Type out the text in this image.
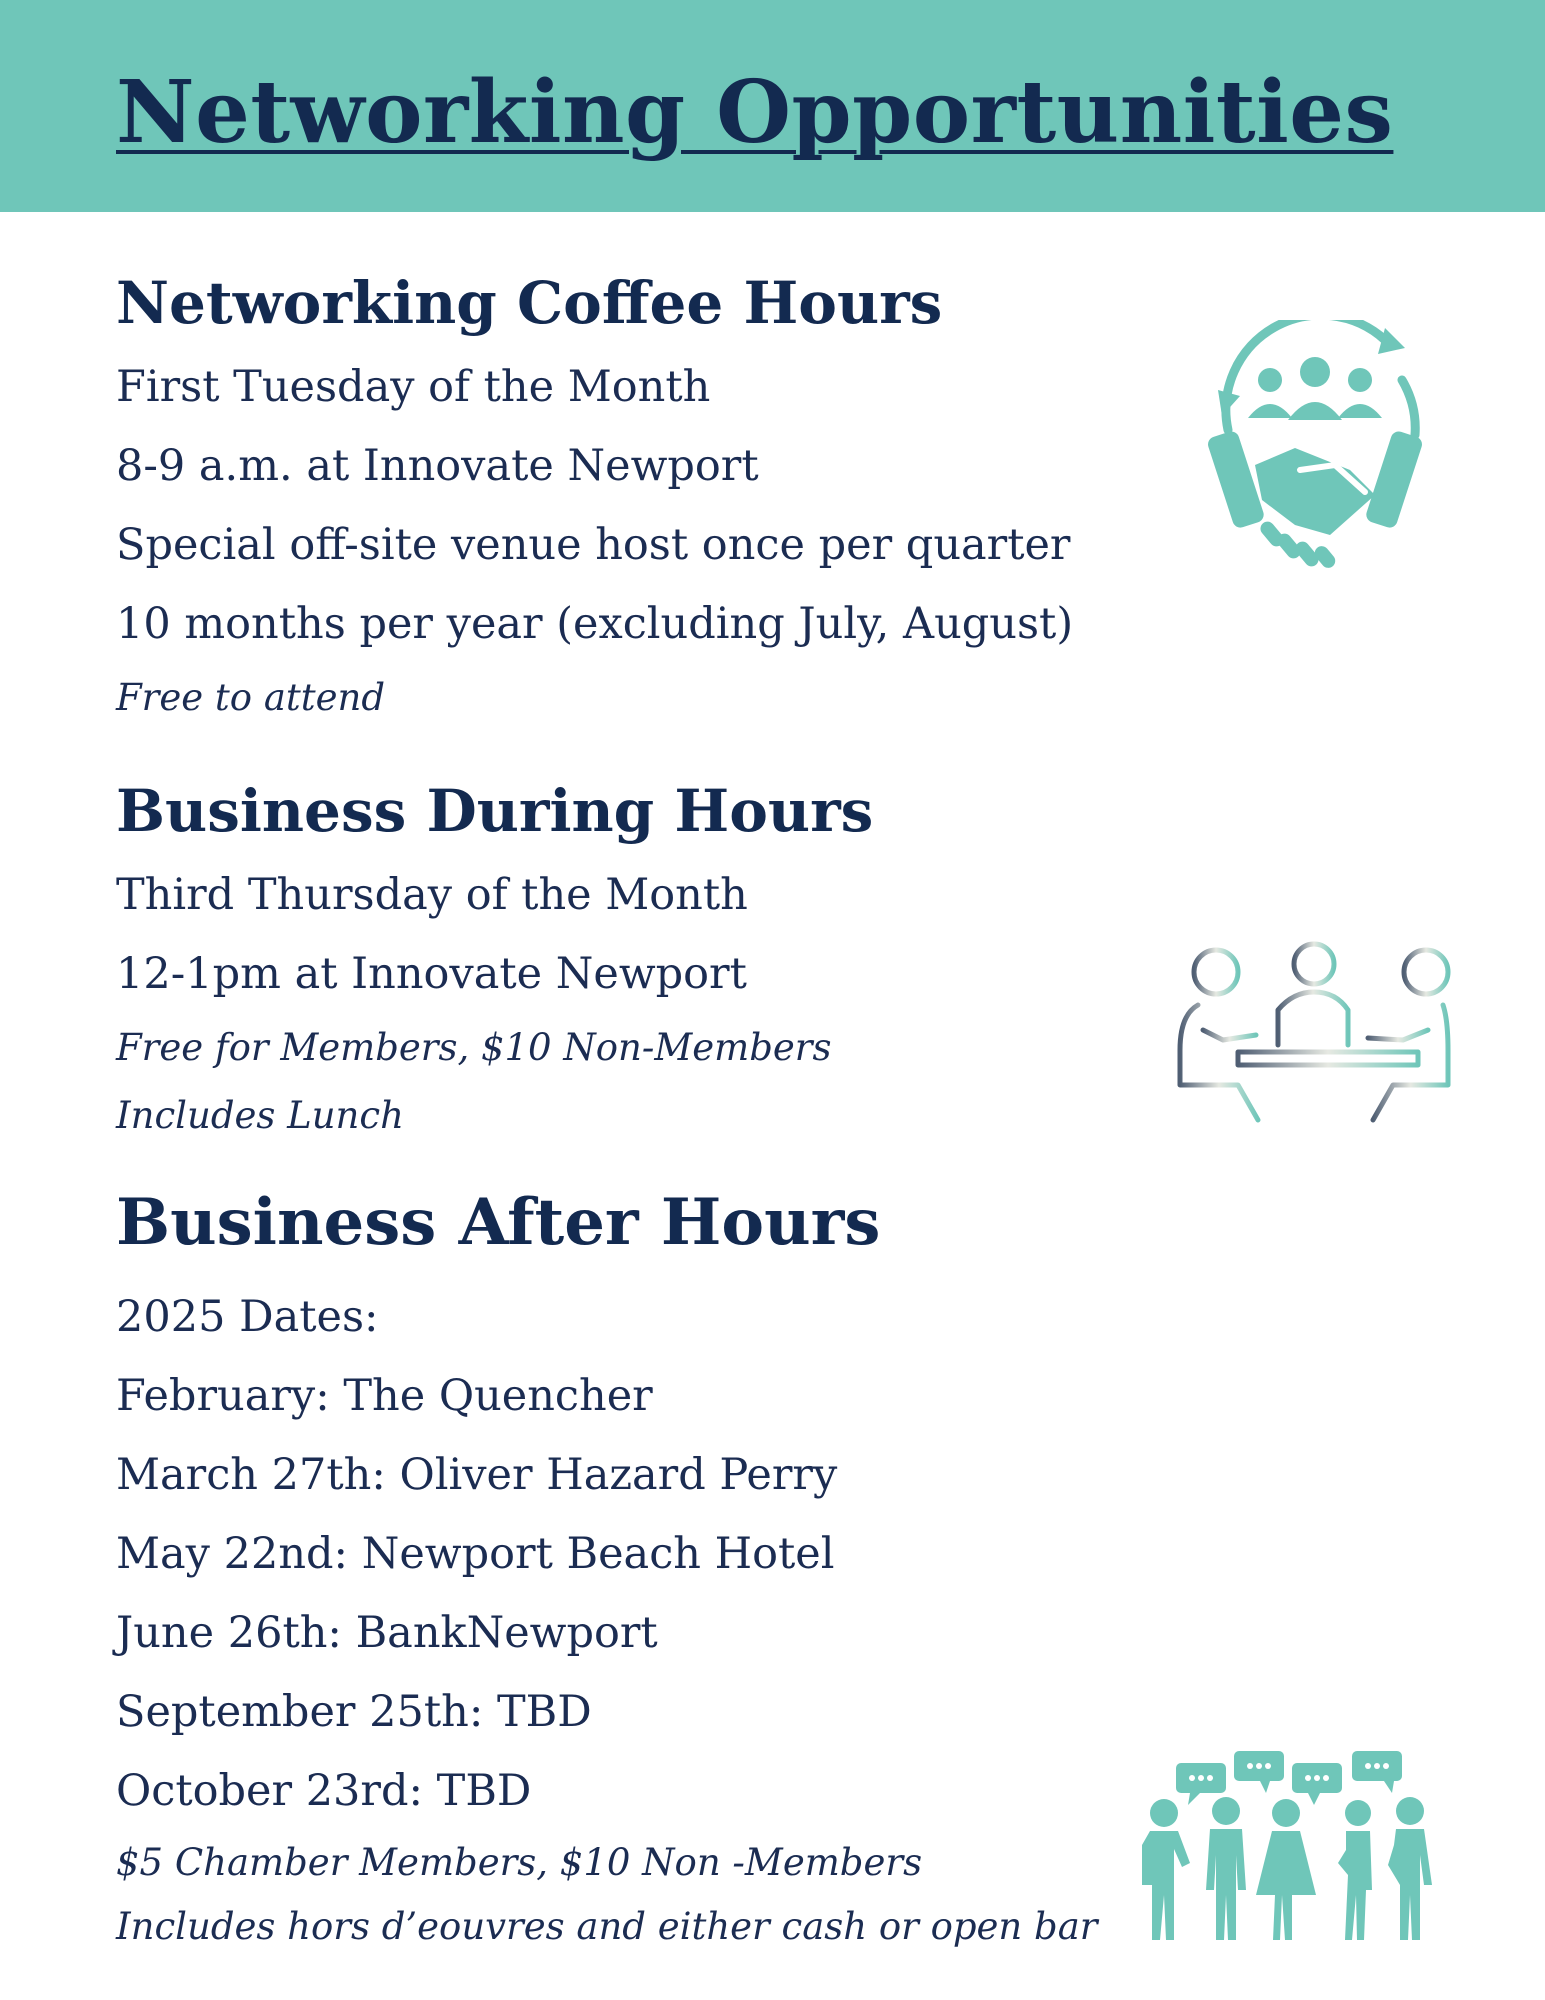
Networking Opportunities
Networking Coffee Hours
First Tuesday of the Month
8-9 a.m. at Innovate Newport
Special off-site venue host once per quarter
10 months per year (excluding July, August)
Free to attend
Business During Hours
Third Thursday of the Month
12-1pm at Innovate Newport
Free for Members, $10 Non-Members
Includes Lunch
Business After Hours
2025 Dates:
February: The Quencher
March 27th: Oliver Hazard Perry
May 22nd: Newport Beach Hotel
June 26th: BankNewport
September 25th: TBD
October 23rd: TBD
$5 Chamber Members, $10 Non -Members
Includes hors d’eouvres and either cash or open bar
